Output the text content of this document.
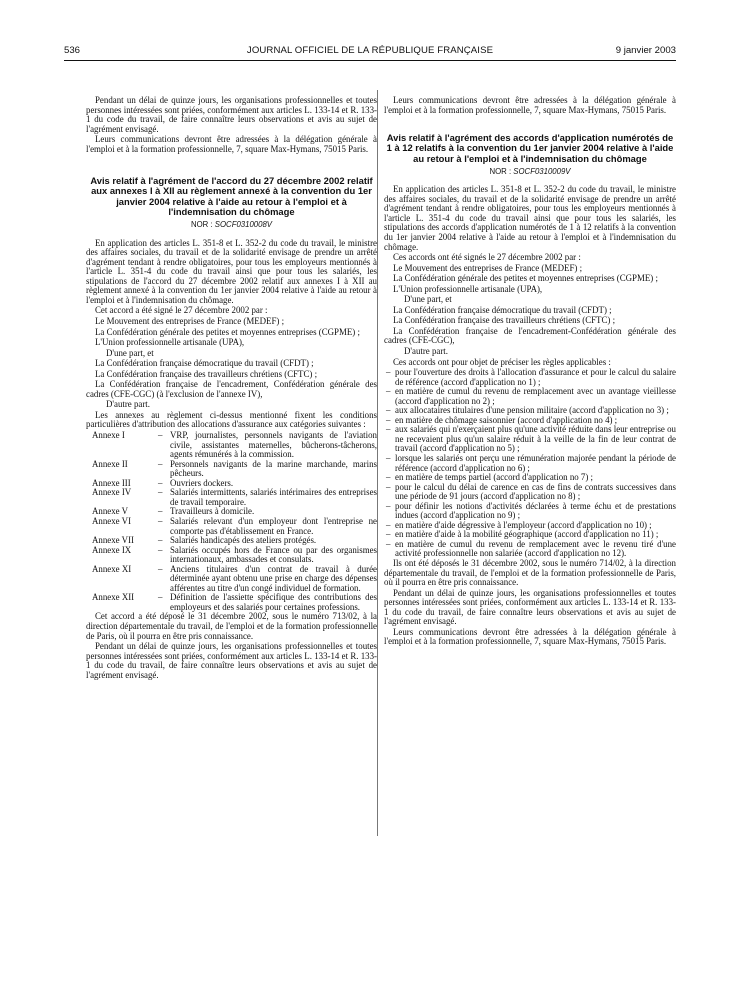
536	JOURNAL OFFICIEL DE LA RÉPUBLIQUE FRANÇAISE	9 janvier 2003

Pendant un délai de quinze jours, les organisations professionnelles et toutes personnes intéressées sont priées, conformément aux articles L. 133-14 et R. 133-1 du code du travail, de faire connaître leurs observations et avis au sujet de l'agrément envisagé.

Leurs communications devront être adressées à la délégation générale à l'emploi et à la formation professionnelle, 7, square Max-Hymans, 75015 Paris.

Avis relatif à l'agrément de l'accord du 27 décembre 2002 relatif aux annexes I à XII au règlement annexé à la convention du 1er janvier 2004 relative à l'aide au retour à l'emploi et à l'indemnisation du chômage
NOR : SOCF0310008V

En application des articles L. 351-8 et L. 352-2 du code du travail, le ministre des affaires sociales, du travail et de la solidarité envisage de prendre un arrêté d'agrément tendant à rendre obligatoires, pour tous les employeurs mentionnés à l'article L. 351-4 du code du travail ainsi que pour tous les salariés, les stipulations de l'accord du 27 décembre 2002 relatif aux annexes I à XII au règlement annexé à la convention du 1er janvier 2004 relative à l'aide au retour à l'emploi et à l'indemnisation du chômage.

Cet accord a été signé le 27 décembre 2002 par :

Le Mouvement des entreprises de France (MEDEF) ;

La Confédération générale des petites et moyennes entreprises (CGPME) ;

L'Union professionnelle artisanale (UPA),

D'une part, et

La Confédération française démocratique du travail (CFDT) ;

La Confédération française des travailleurs chrétiens (CFTC) ;

La Confédération française de l'encadrement, Confédération générale des cadres (CFE-CGC) (à l'exclusion de l'annexe IV),

D'autre part.

Les annexes au règlement ci-dessus mentionné fixent les conditions particulières d'attribution des allocations d'assurance aux catégories suivantes :

Annexe I	– VRP, journalistes, personnels navigants de l'aviation civile, assistantes maternelles, bûcherons-tâcherons, agents rémunérés à la commission.
Annexe II	– Personnels navigants de la marine marchande, marins pêcheurs.
Annexe III	– Ouvriers dockers.
Annexe IV	– Salariés intermittents, salariés intérimaires des entreprises de travail temporaire.
Annexe V	– Travailleurs à domicile.
Annexe VI	– Salariés relevant d'un employeur dont l'entreprise ne comporte pas d'établissement en France.
Annexe VII	– Salariés handicapés des ateliers protégés.
Annexe IX	– Salariés occupés hors de France ou par des organismes internationaux, ambassades et consulats.
Annexe XI	– Anciens titulaires d'un contrat de travail à durée déterminée ayant obtenu une prise en charge des dépenses afférentes au titre d'un congé individuel de formation.
Annexe XII	– Définition de l'assiette spécifique des contributions des employeurs et des salariés pour certaines professions.

Cet accord a été déposé le 31 décembre 2002, sous le numéro 713/02, à la direction départementale du travail, de l'emploi et de la formation professionnelle de Paris, où il pourra en être pris connaissance.

Pendant un délai de quinze jours, les organisations professionnelles et toutes personnes intéressées sont priées, conformément aux articles L. 133-14 et R. 133-1 du code du travail, de faire connaître leurs observations et avis au sujet de l'agrément envisagé.

Leurs communications devront être adressées à la délégation générale à l'emploi et à la formation professionnelle, 7, square Max-Hymans, 75015 Paris.

Avis relatif à l'agrément des accords d'application numérotés de 1 à 12 relatifs à la convention du 1er janvier 2004 relative à l'aide au retour à l'emploi et à l'indemnisation du chômage
NOR : SOCF0310009V

En application des articles L. 351-8 et L. 352-2 du code du travail, le ministre des affaires sociales, du travail et de la solidarité envisage de prendre un arrêté d'agrément tendant à rendre obligatoires, pour tous les employeurs mentionnés à l'article L. 351-4 du code du travail ainsi que pour tous les salariés, les stipulations des accords d'application numérotés de 1 à 12 relatifs à la convention du 1er janvier 2004 relative à l'aide au retour à l'emploi et à l'indemnisation du chômage.

Ces accords ont été signés le 27 décembre 2002 par :

Le Mouvement des entreprises de France (MEDEF) ;

La Confédération générale des petites et moyennes entreprises (CGPME) ;

L'Union professionnelle artisanale (UPA),

D'une part, et

La Confédération française démocratique du travail (CFDT) ;

La Confédération française des travailleurs chrétiens (CFTC) ;

La Confédération française de l'encadrement-Confédération générale des cadres (CFE-CGC),

D'autre part.

Ces accords ont pour objet de préciser les règles applicables :

– pour l'ouverture des droits à l'allocation d'assurance et pour le calcul du salaire de référence (accord d'application no 1) ;
– en matière de cumul du revenu de remplacement avec un avantage vieillesse (accord d'application no 2) ;
– aux allocataires titulaires d'une pension militaire (accord d'application no 3) ;
– en matière de chômage saisonnier (accord d'application no 4) ;
– aux salariés qui n'exerçaient plus qu'une activité réduite dans leur entreprise ou ne recevaient plus qu'un salaire réduit à la veille de la fin de leur contrat de travail (accord d'application no 5) ;
– lorsque les salariés ont perçu une rémunération majorée pendant la période de référence (accord d'application no 6) ;
– en matière de temps partiel (accord d'application no 7) ;
– pour le calcul du délai de carence en cas de fins de contrats successives dans une période de 91 jours (accord d'application no 8) ;
– pour définir les notions d'activités déclarées à terme échu et de prestations indues (accord d'application no 9) ;
– en matière d'aide dégressive à l'employeur (accord d'application no 10) ;
– en matière d'aide à la mobilité géographique (accord d'application no 11) ;
– en matière de cumul du revenu de remplacement avec le revenu tiré d'une activité professionnelle non salariée (accord d'application no 12).

Ils ont été déposés le 31 décembre 2002, sous le numéro 714/02, à la direction départementale du travail, de l'emploi et de la formation professionnelle de Paris, où il pourra en être pris connaissance.

Pendant un délai de quinze jours, les organisations professionnelles et toutes personnes intéressées sont priées, conformément aux articles L. 133-14 et R. 133-1 du code du travail, de faire connaître leurs observations et avis au sujet de l'agrément envisagé.

Leurs communications devront être adressées à la délégation générale à l'emploi et à la formation professionnelle, 7, square Max-Hymans, 75015 Paris.
